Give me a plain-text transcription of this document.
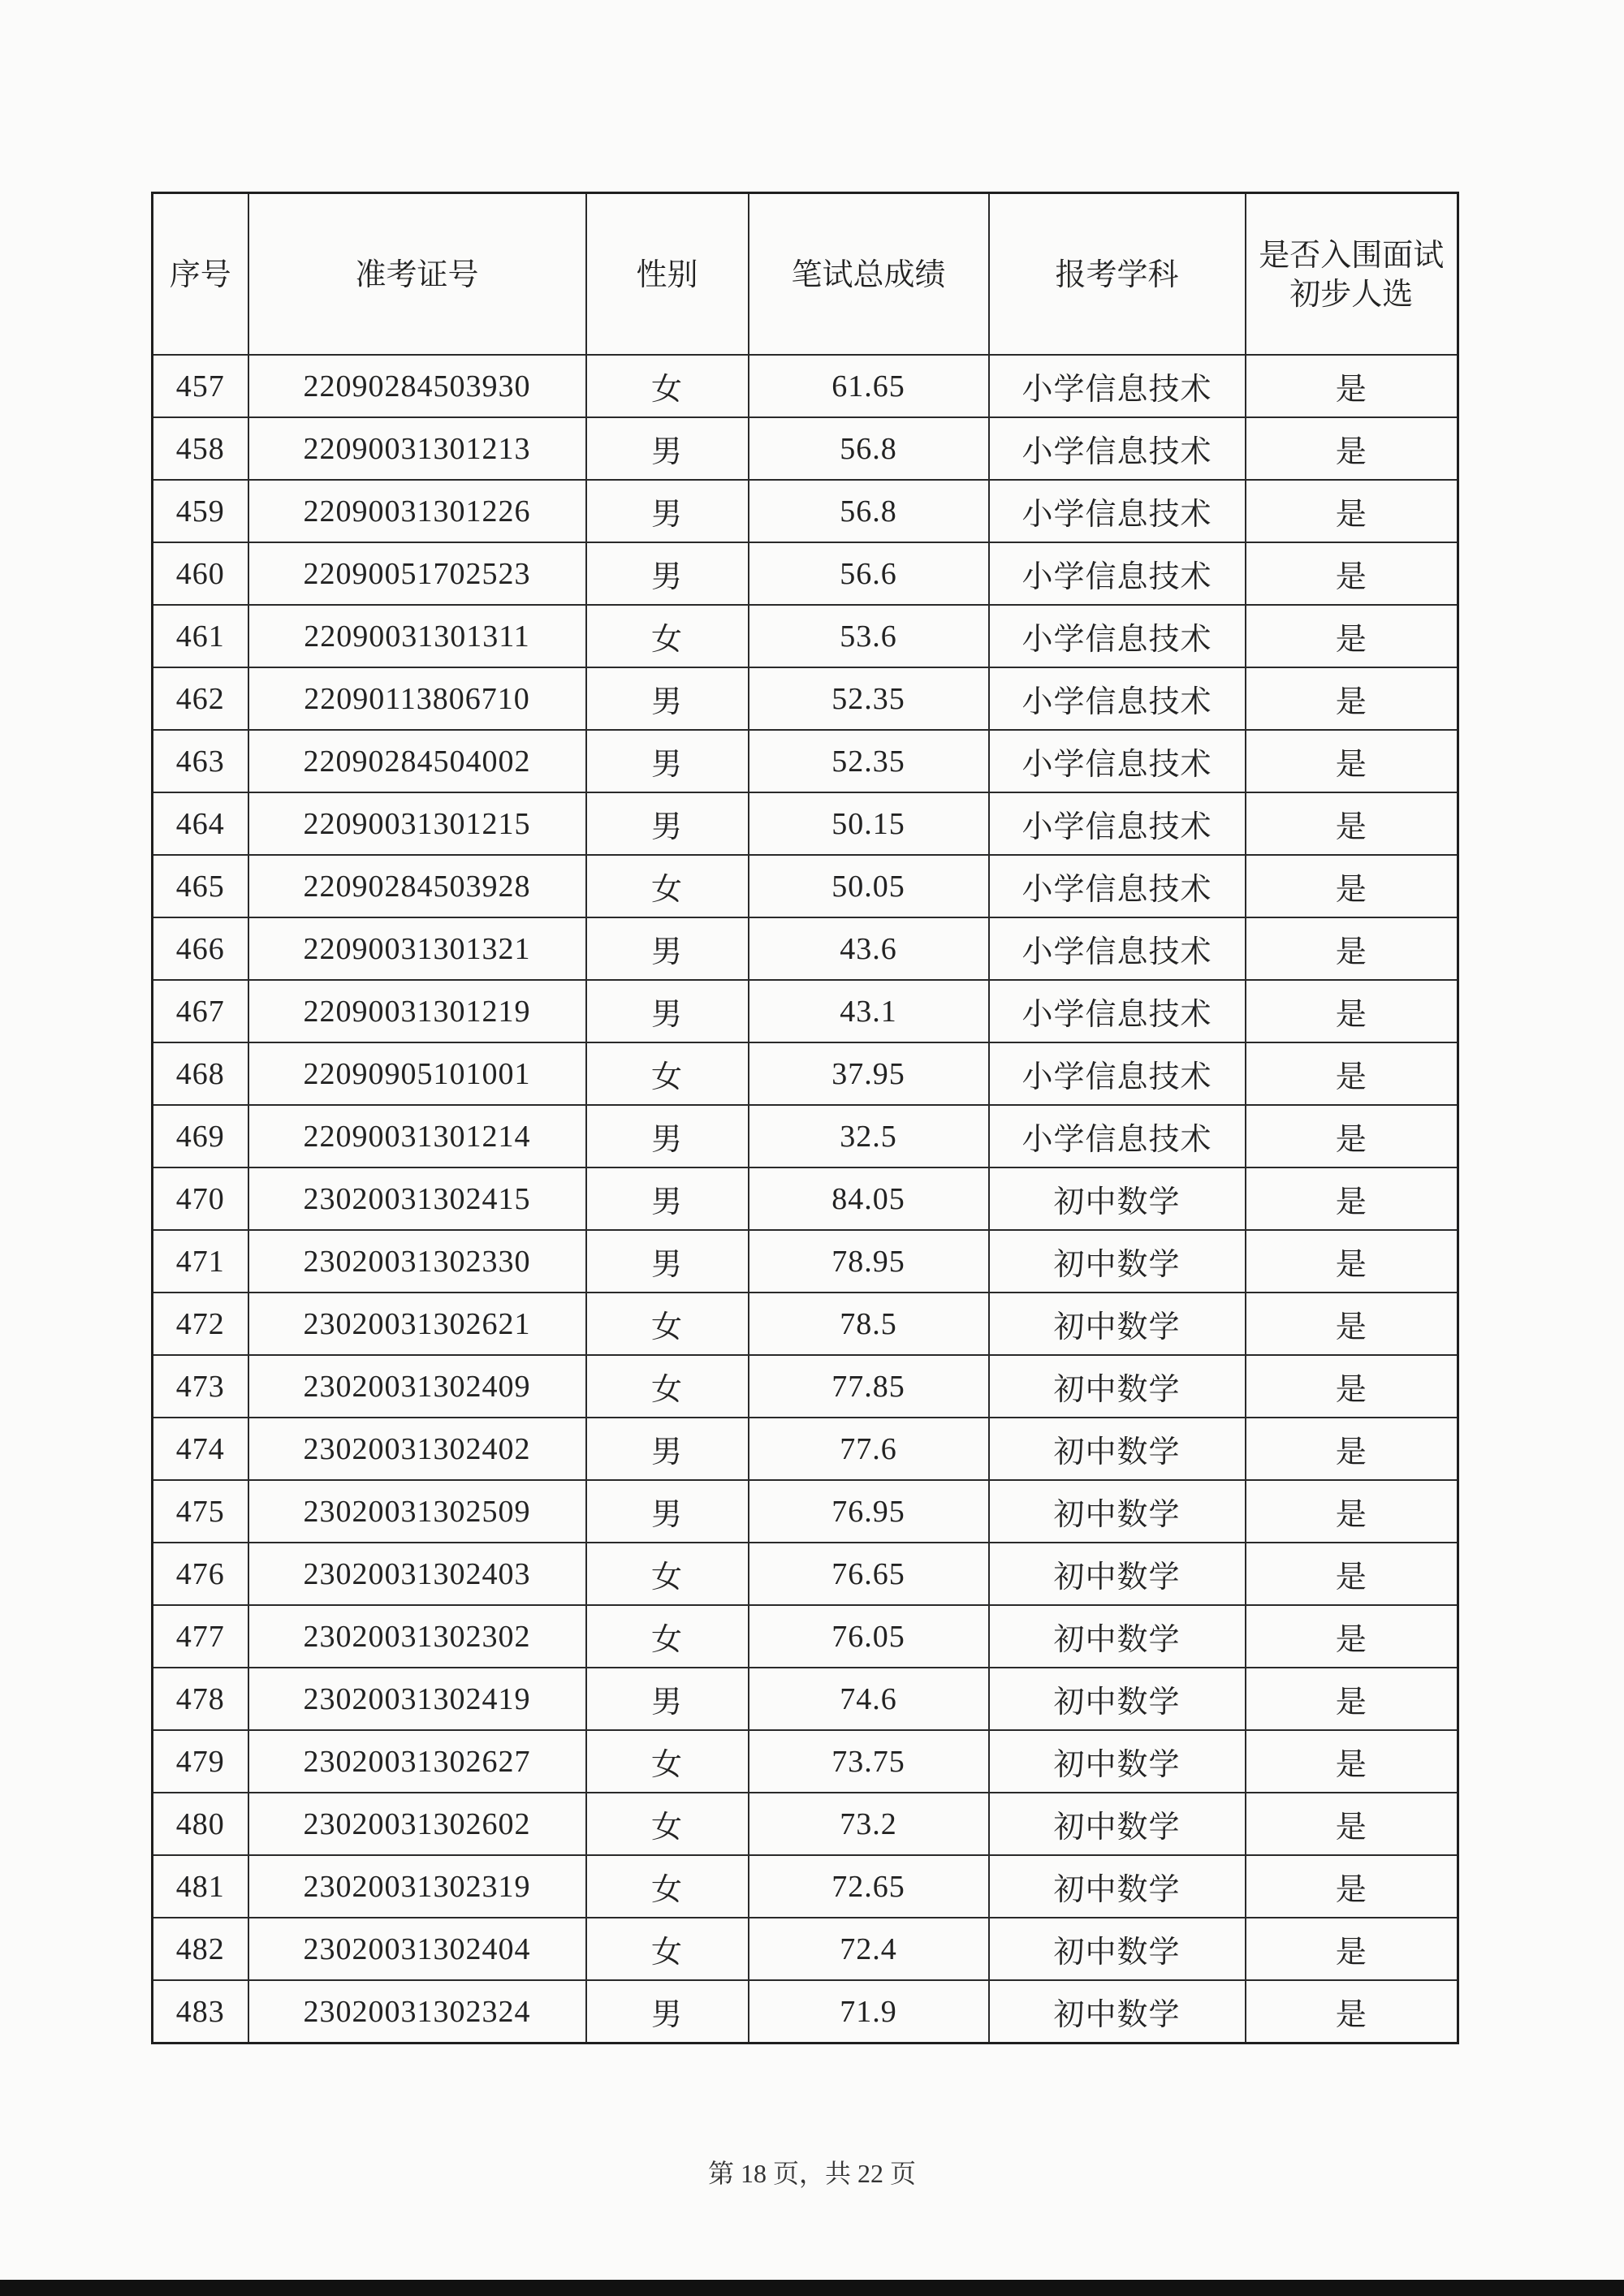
序号	准考证号	性别	笔试总成绩	报考学科	是否入围面试初步人选
457	22090284503930	女	61.65	小学信息技术	是
458	22090031301213	男	56.8	小学信息技术	是
459	22090031301226	男	56.8	小学信息技术	是
460	22090051702523	男	56.6	小学信息技术	是
461	22090031301311	女	53.6	小学信息技术	是
462	22090113806710	男	52.35	小学信息技术	是
463	22090284504002	男	52.35	小学信息技术	是
464	22090031301215	男	50.15	小学信息技术	是
465	22090284503928	女	50.05	小学信息技术	是
466	22090031301321	男	43.6	小学信息技术	是
467	22090031301219	男	43.1	小学信息技术	是
468	22090905101001	女	37.95	小学信息技术	是
469	22090031301214	男	32.5	小学信息技术	是
470	23020031302415	男	84.05	初中数学	是
471	23020031302330	男	78.95	初中数学	是
472	23020031302621	女	78.5	初中数学	是
473	23020031302409	女	77.85	初中数学	是
474	23020031302402	男	77.6	初中数学	是
475	23020031302509	男	76.95	初中数学	是
476	23020031302403	女	76.65	初中数学	是
477	23020031302302	女	76.05	初中数学	是
478	23020031302419	男	74.6	初中数学	是
479	23020031302627	女	73.75	初中数学	是
480	23020031302602	女	73.2	初中数学	是
481	23020031302319	女	72.65	初中数学	是
482	23020031302404	女	72.4	初中数学	是
483	23020031302324	男	71.9	初中数学	是
第 18 页，共 22 页
